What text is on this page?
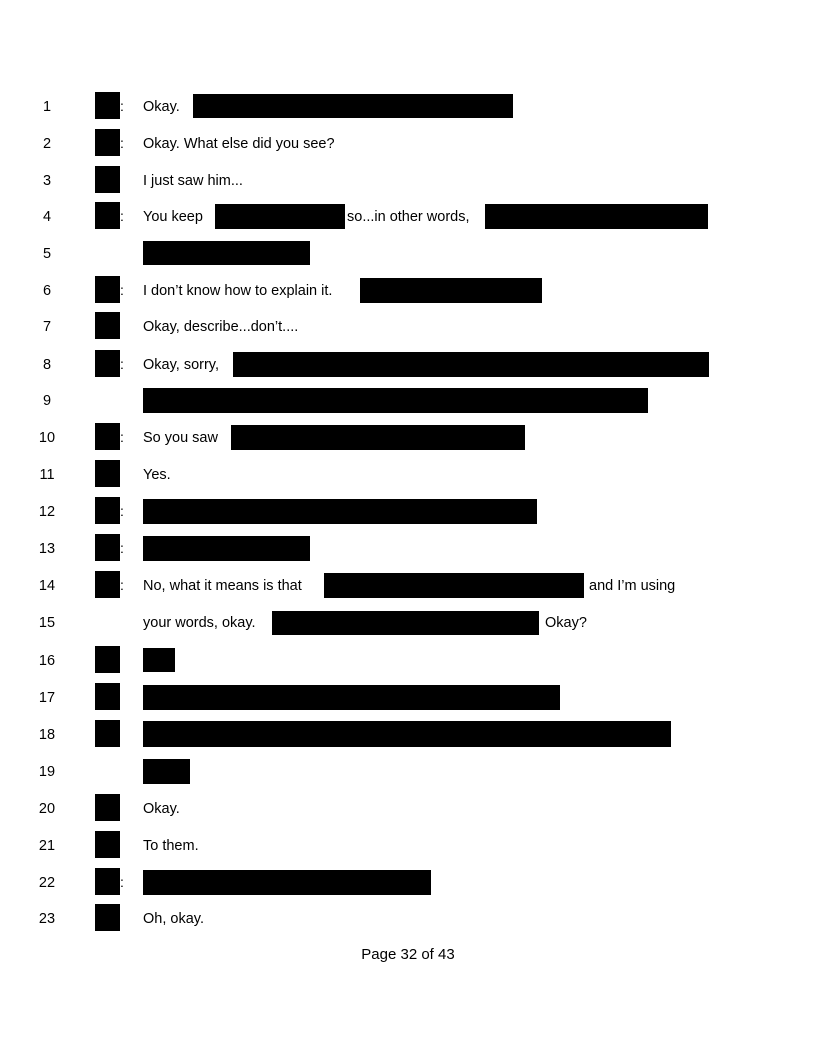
1	: Okay.
2	: Okay. What else did you see?
3	I just saw him...
4	: You keep	so...in other words,
5
6	: I don’t know how to explain it.
7	Okay, describe...don’t....
8	: Okay, sorry,
9
10	: So you saw
11	Yes.
12	:
13	:
14	: No, what it means is that	and I’m using
15	your words, okay.	Okay?
16
17
18
19
20	Okay.
21	To them.
22	:
23	Oh, okay.
Page 32 of 43
